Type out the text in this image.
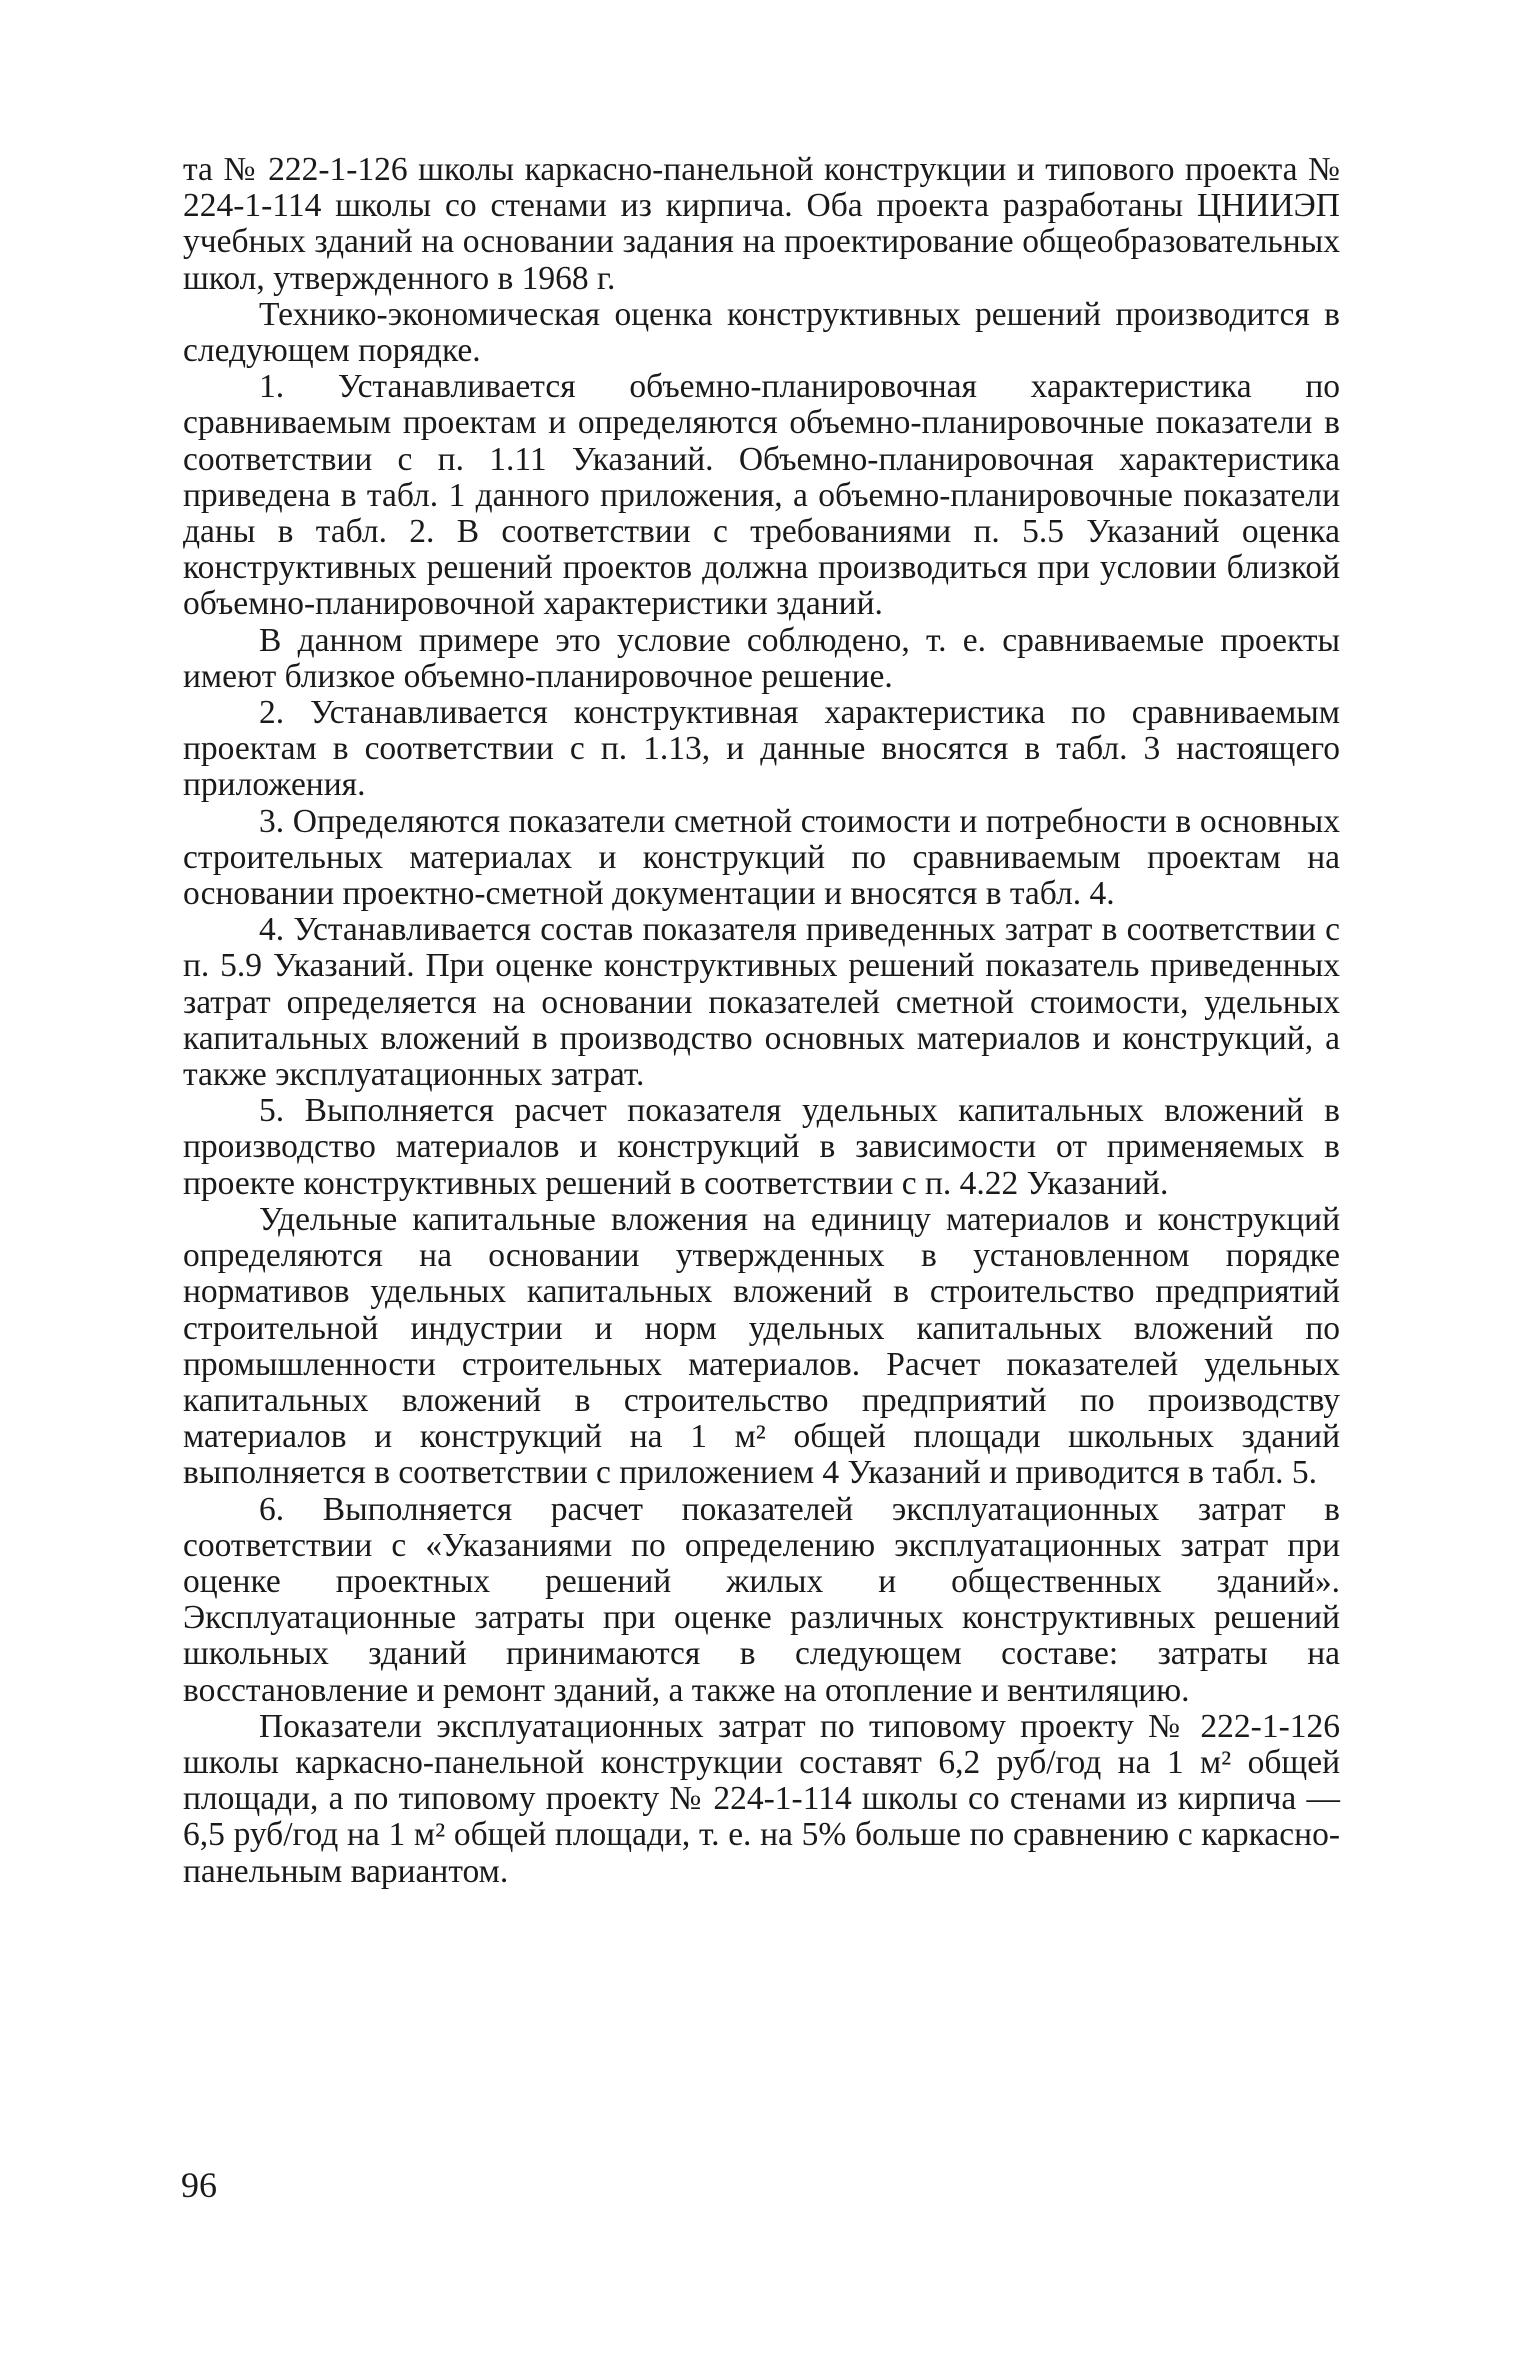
та № 222-1-126 школы каркасно-панельной конструкции и типового проекта № 224-1-114 школы со стенами из кирпича. Оба проекта разработаны ЦНИИЭП учебных зданий на основании задания на проектирование общеобразовательных школ, утвержденного в 1968 г.

Технико-экономическая оценка конструктивных решений производится в следующем порядке.

1. Устанавливается объемно-планировочная характеристика по сравниваемым проектам и определяются объемно-планировочные показатели в соответствии с п. 1.11 Указаний. Объемно-планировочная характеристика приведена в табл. 1 данного приложения, а объемно-планировочные показатели даны в табл. 2. В соответствии с требованиями п. 5.5 Указаний оценка конструктивных решений проектов должна производиться при условии близкой объемно-планировочной характеристики зданий.

В данном примере это условие соблюдено, т. е. сравниваемые проекты имеют близкое объемно-планировочное решение.

2. Устанавливается конструктивная характеристика по сравниваемым проектам в соответствии с п. 1.13, и данные вносятся в табл. 3 настоящего приложения.

3. Определяются показатели сметной стоимости и потребности в основных строительных материалах и конструкций по сравниваемым проектам на основании проектно-сметной документации и вносятся в табл. 4.

4. Устанавливается состав показателя приведенных затрат в соответствии с п. 5.9 Указаний. При оценке конструктивных решений показатель приведенных затрат определяется на основании показателей сметной стоимости, удельных капитальных вложений в производство основных материалов и конструкций, а также эксплуатационных затрат.

5. Выполняется расчет показателя удельных капитальных вложений в производство материалов и конструкций в зависимости от применяемых в проекте конструктивных решений в соответствии с п. 4.22 Указаний.

Удельные капитальные вложения на единицу материалов и конструкций определяются на основании утвержденных в установленном порядке нормативов удельных капитальных вложений в строительство предприятий строительной индустрии и норм удельных капитальных вложений по промышленности строительных материалов. Расчет показателей удельных капитальных вложений в строительство предприятий по производству материалов и конструкций на 1 м² общей площади школьных зданий выполняется в соответствии с приложением 4 Указаний и приводится в табл. 5.

6. Выполняется расчет показателей эксплуатационных затрат в соответствии с «Указаниями по определению эксплуатационных затрат при оценке проектных решений жилых и общественных зданий». Эксплуатационные затраты при оценке различных конструктивных решений школьных зданий принимаются в следующем составе: затраты на восстановление и ремонт зданий, а также на отопление и вентиляцию.

Показатели эксплуатационных затрат по типовому проекту № 222-1-126 школы каркасно-панельной конструкции составят 6,2 руб/год на 1 м² общей площади, а по типовому проекту № 224-1-114 школы со стенами из кирпича — 6,5 руб/год на 1 м² общей площади, т. е. на 5% больше по сравнению с каркасно-панельным вариантом.

96
